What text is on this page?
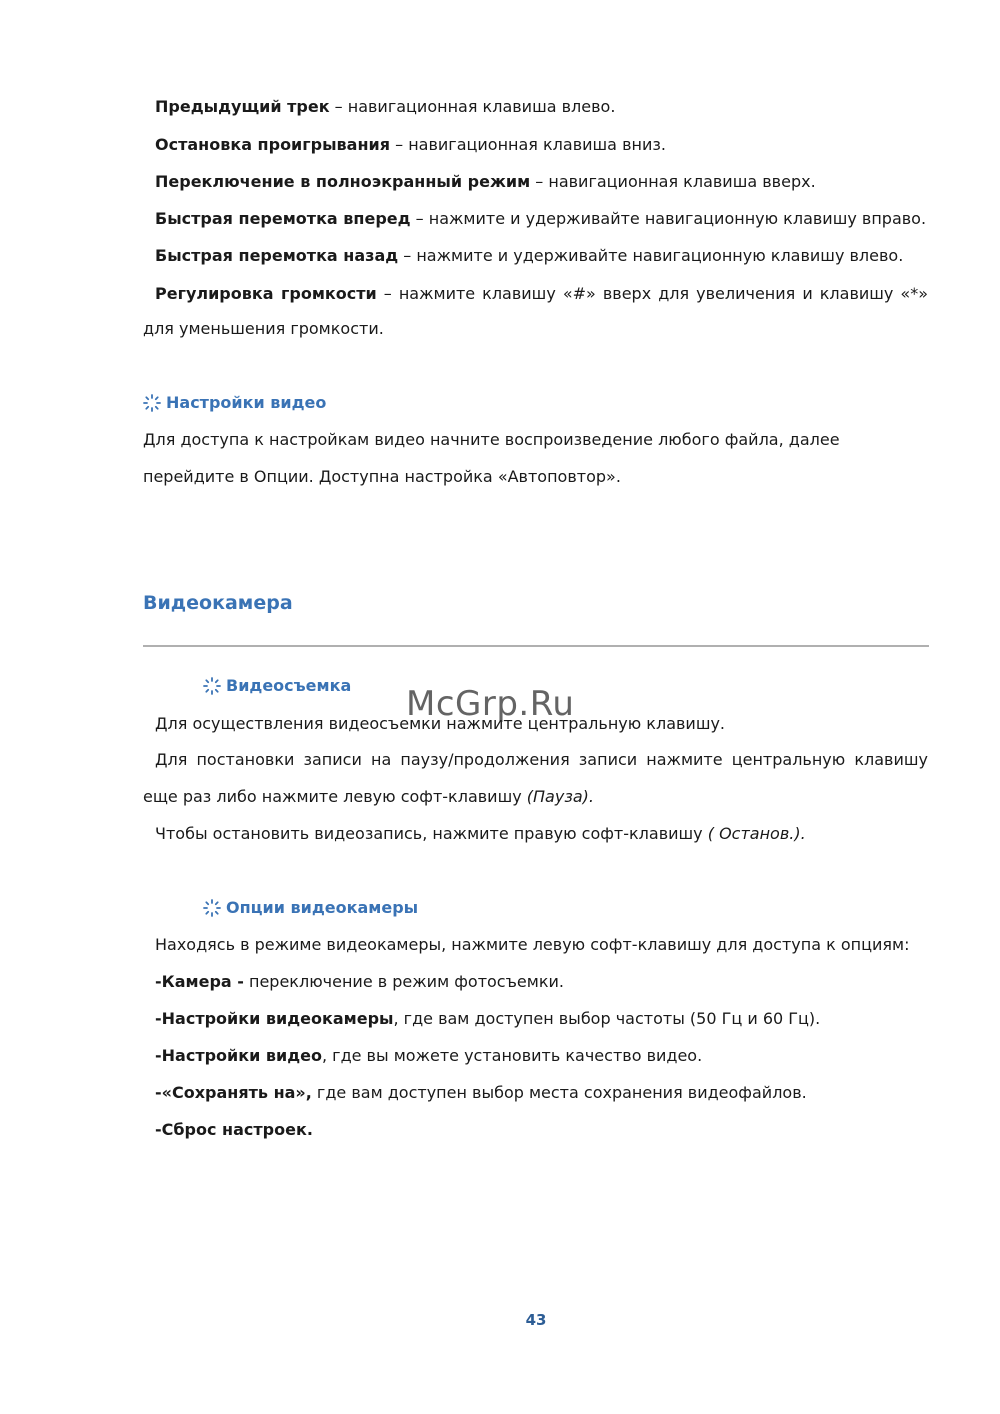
Предыдущий трек – навигационная клавиша влево.
Остановка проигрывания – навигационная клавиша вниз.
Переключение в полноэкранный режим – навигационная клавиша вверх.
Быстрая перемотка вперед – нажмите и удерживайте навигационную клавишу вправо.
Быстрая перемотка назад – нажмите и удерживайте навигационную клавишу влево.
Регулировка громкости – нажмите клавишу «#» вверх для увеличения и клавишу «*»
для уменьшения громкости.
Настройки видео
Для доступа к настройкам видео начните воспроизведение любого файла, далее
перейдите в Опции. Доступна настройка «Автоповтор».
Видеокамера
Видеосъемка
Для осуществления видеосъемки нажмите центральную клавишу.
Для постановки записи на паузу/продолжения записи нажмите центральную клавишу
еще раз либо нажмите левую софт-клавишу (Пауза).
Чтобы остановить видеозапись, нажмите правую софт-клавишу ( Останов.).
Опции видеокамеры
Находясь в режиме видеокамеры, нажмите левую софт-клавишу для доступа к опциям:
-Камера - переключение в режим фотосъемки.
-Настройки видеокамеры, где вам доступен выбор частоты (50 Гц и 60 Гц).
-Настройки видео, где вы можете установить качество видео.
-«Сохранять на», где вам доступен выбор места сохранения видеофайлов.
-Сброс настроек.
McGrp.Ru
43
